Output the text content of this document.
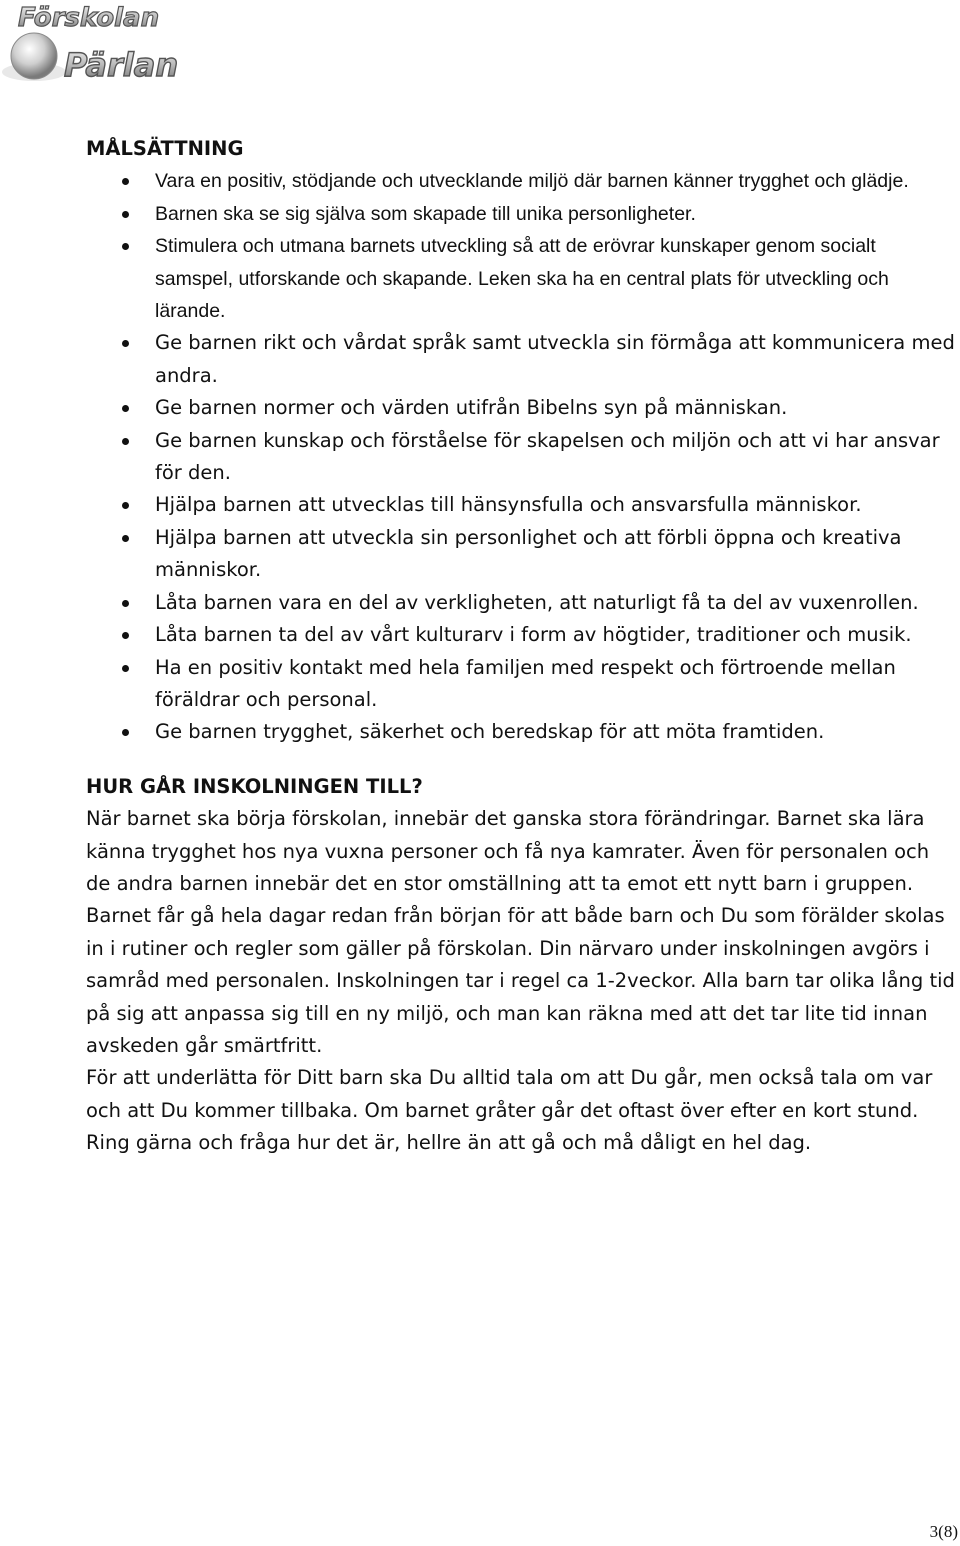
Förskolan
Pärlan
MÅLSÄTTNING
Vara en positiv, stödjande och utvecklande miljö där barnen känner trygghet och glädje.
Barnen ska se sig själva som skapade till unika personligheter.
Stimulera och utmana barnets utveckling så att de erövrar kunskaper genom socialt samspel, utforskande och skapande. Leken ska ha en central plats för utveckling och lärande.
Ge barnen rikt och vårdat språk samt utveckla sin förmåga att kommunicera med andra.
Ge barnen normer och värden utifrån Bibelns syn på människan.
Ge barnen kunskap och förståelse för skapelsen och miljön och att vi har ansvar för den.
Hjälpa barnen att utvecklas till hänsynsfulla och ansvarsfulla människor.
Hjälpa barnen att utveckla sin personlighet och att förbli öppna och kreativa människor.
Låta barnen vara en del av verkligheten, att naturligt få ta del av vuxenrollen.
Låta barnen ta del av vårt kulturarv i form av högtider, traditioner och musik.
Ha en positiv kontakt med hela familjen med respekt och förtroende mellan föräldrar och personal.
Ge barnen trygghet, säkerhet och beredskap för att möta framtiden.
HUR GÅR INSKOLNINGEN TILL?

När barnet ska börja förskolan, innebär det ganska stora förändringar. Barnet ska lära känna trygghet hos nya vuxna personer och få nya kamrater. Även för personalen och de andra barnen innebär det en stor omställning att ta emot ett nytt barn i gruppen.

Barnet får gå hela dagar redan från början för att både barn och Du som förälder skolas in i rutiner och regler som gäller på förskolan. Din närvaro under inskolningen avgörs i samråd med personalen. Inskolningen tar i regel ca 1-2veckor. Alla barn tar olika lång tid på sig att anpassa sig till en ny miljö, och man kan räkna med att det tar lite tid innan avskeden går smärtfritt.

För att underlätta för Ditt barn ska Du alltid tala om att Du går, men också tala om var och att Du kommer tillbaka. Om barnet gråter går det oftast över efter en kort stund. Ring gärna och fråga hur det är, hellre än att gå och må dåligt en hel dag.

3(8)
